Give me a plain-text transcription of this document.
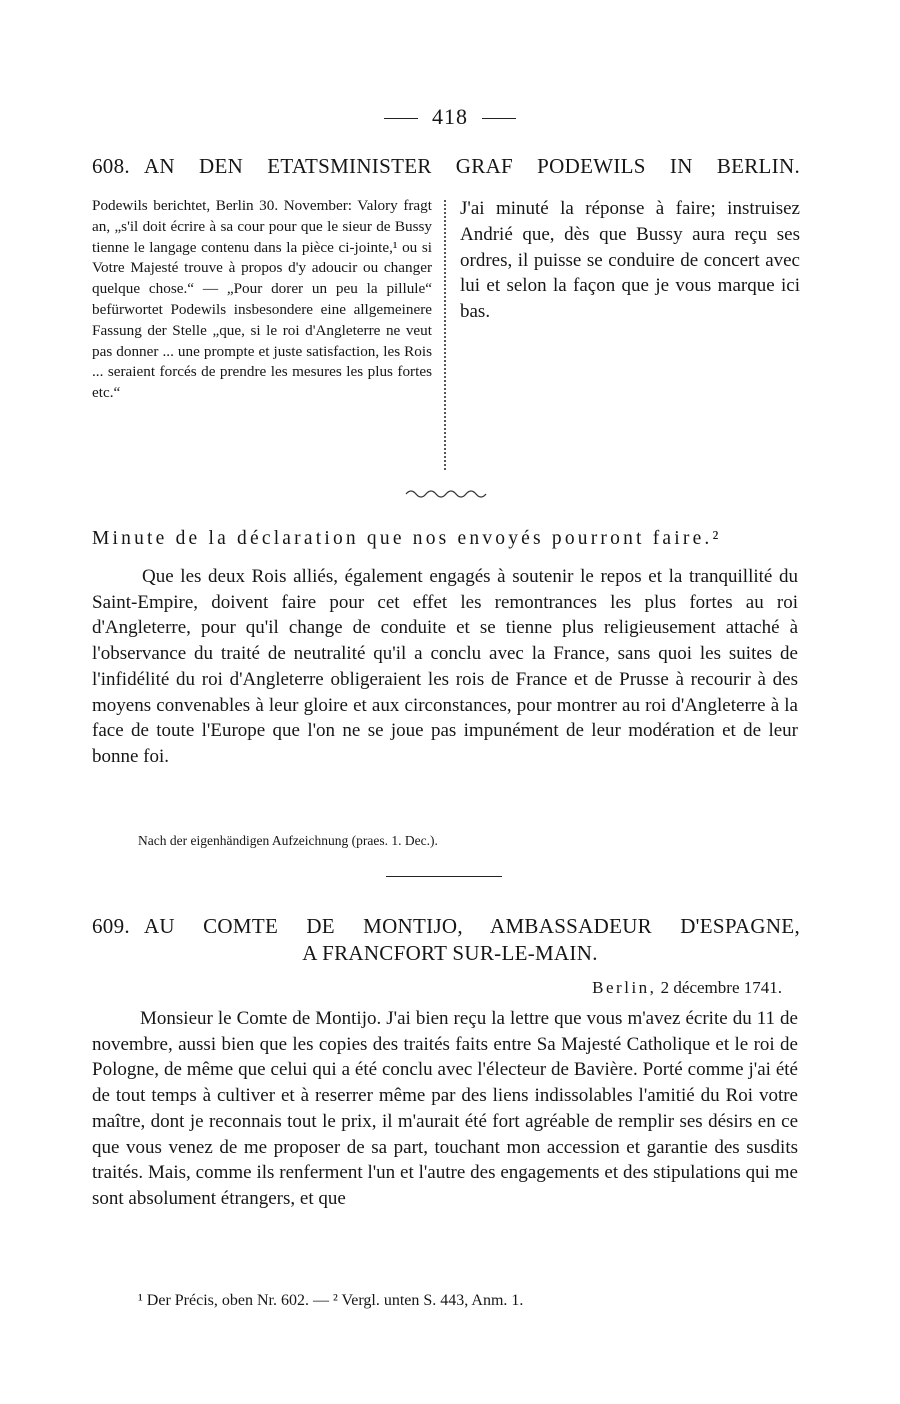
418
608. AN DEN ETATSMINISTER GRAF PODEWILS IN BERLIN.
Podewils berichtet, Berlin 30. November: Valory fragt an, „s'il doit écrire à sa cour pour que le sieur de Bussy tienne le langage contenu dans la pièce ci-jointe,¹ ou si Votre Majesté trouve à propos d'y adoucir ou changer quelque chose.“ — „Pour dorer un peu la pillule“ befürwortet Podewils insbesondere eine allgemeinere Fassung der Stelle „que, si le roi d'Angleterre ne veut pas donner ... une prompte et juste satisfaction, les Rois ... seraient forcés de prendre les mesures les plus fortes etc.“
J'ai minuté la réponse à faire; instruisez Andrié que, dès que Bussy aura reçu ses ordres, il puisse se conduire de concert avec lui et selon la façon que je vous marque ici bas.
Minute de la déclaration que nos envoyés pourront faire.²

Que les deux Rois alliés, également engagés à soutenir le repos et la tranquillité du Saint-Empire, doivent faire pour cet effet les remontrances les plus fortes au roi d'Angleterre, pour qu'il change de conduite et se tienne plus religieusement attaché à l'observance du traité de neutralité qu'il a conclu avec la France, sans quoi les suites de l'infidélité du roi d'Angleterre obligeraient les rois de France et de Prusse à recourir à des moyens convenables à leur gloire et aux circonstances, pour montrer au roi d'Angleterre à la face de toute l'Europe que l'on ne se joue pas impunément de leur modération et de leur bonne foi.

Nach der eigenhändigen Aufzeichnung (praes. 1. Dec.).
609. AU COMTE DE MONTIJO, AMBASSADEUR D'ESPAGNE,
A FRANCFORT SUR-LE-MAIN.
Berlin, 2 décembre 1741.

Monsieur le Comte de Montijo. J'ai bien reçu la lettre que vous m'avez écrite du 11 de novembre, aussi bien que les copies des traités faits entre Sa Majesté Catholique et le roi de Pologne, de même que celui qui a été conclu avec l'électeur de Bavière. Porté comme j'ai été de tout temps à cultiver et à reserrer même par des liens indissolables l'amitié du Roi votre maître, dont je reconnais tout le prix, il m'aurait été fort agréable de remplir ses désirs en ce que vous venez de me proposer de sa part, touchant mon accession et garantie des susdits traités. Mais, comme ils renferment l'un et l'autre des engagements et des stipulations qui me sont absolument étrangers, et que

¹ Der Précis, oben Nr. 602. — ² Vergl. unten S. 443, Anm. 1.
